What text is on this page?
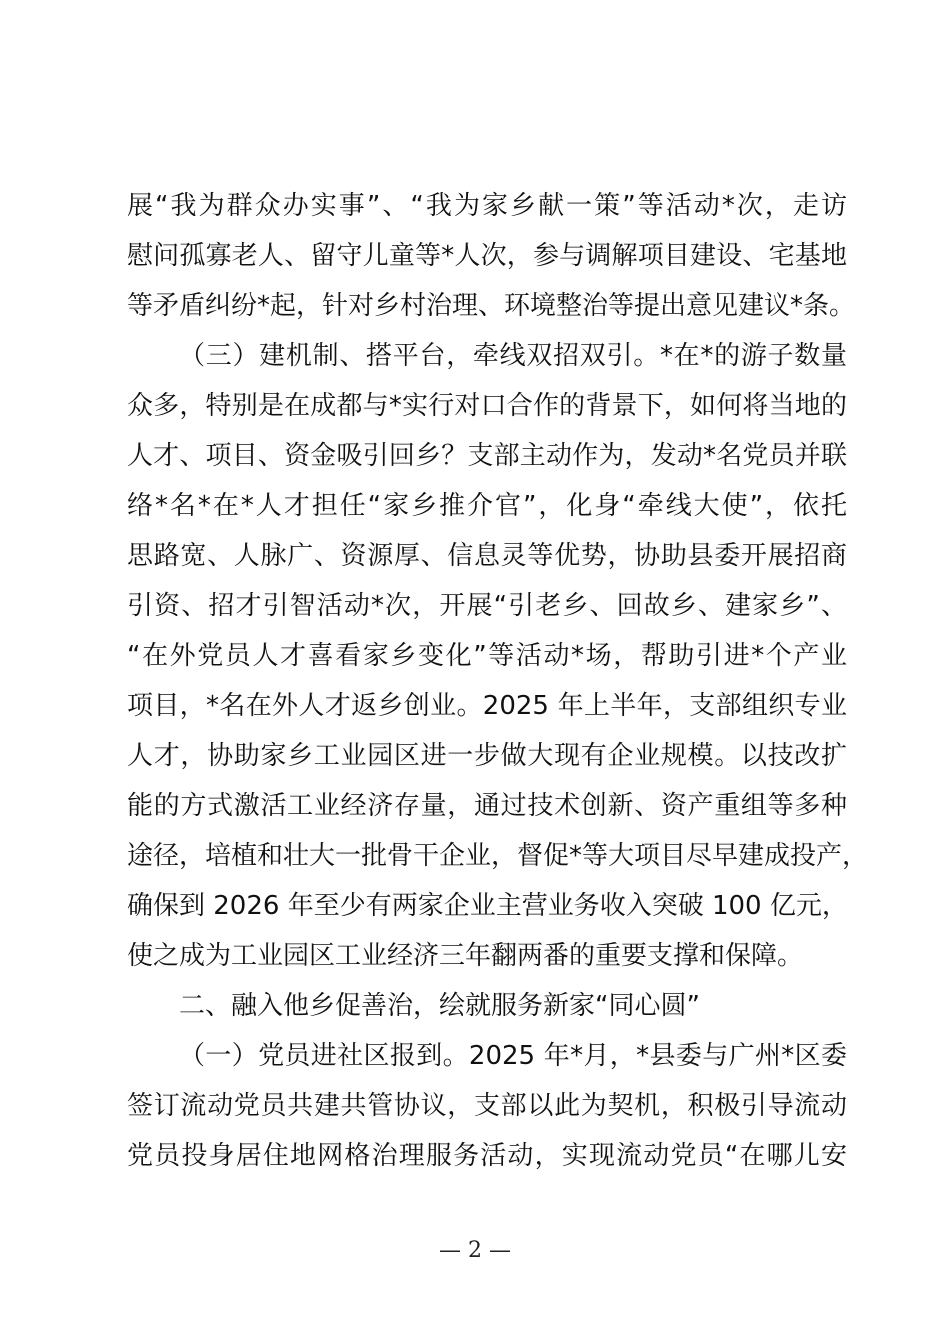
展“我为群众办实事”、“我为家乡献一策”等活动*次，走访
慰问孤寡老人、留守儿童等*人次，参与调解项目建设、宅基地
等矛盾纠纷*起，针对乡村治理、环境整治等提出意见建议*条。
（三）建机制、搭平台，牵线双招双引。*在*的游子数量
众多，特别是在成都与*实行对口合作的背景下，如何将当地的
人才、项目、资金吸引回乡？支部主动作为，发动*名党员并联
络*名*在*人才担任“家乡推介官”，化身“牵线大使”，依托
思路宽、人脉广、资源厚、信息灵等优势，协助县委开展招商
引资、招才引智活动*次，开展“引老乡、回故乡、建家乡”、
“在外党员人才喜看家乡变化”等活动*场，帮助引进*个产业
项目，*名在外人才返乡创业。2025 年上半年，支部组织专业
人才，协助家乡工业园区进一步做大现有企业规模。以技改扩
能的方式激活工业经济存量，通过技术创新、资产重组等多种
途径，培植和壮大一批骨干企业，督促*等大项目尽早建成投产，
确保到 2026 年至少有两家企业主营业务收入突破 100 亿元，
使之成为工业园区工业经济三年翻两番的重要支撑和保障。
二、融入他乡促善治，绘就服务新家“同心圆”
（一）党员进社区报到。2025 年*月，*县委与广州*区委
签订流动党员共建共管协议，支部以此为契机，积极引导流动
党员投身居住地网格治理服务活动，实现流动党员“在哪儿安
— 2 —
